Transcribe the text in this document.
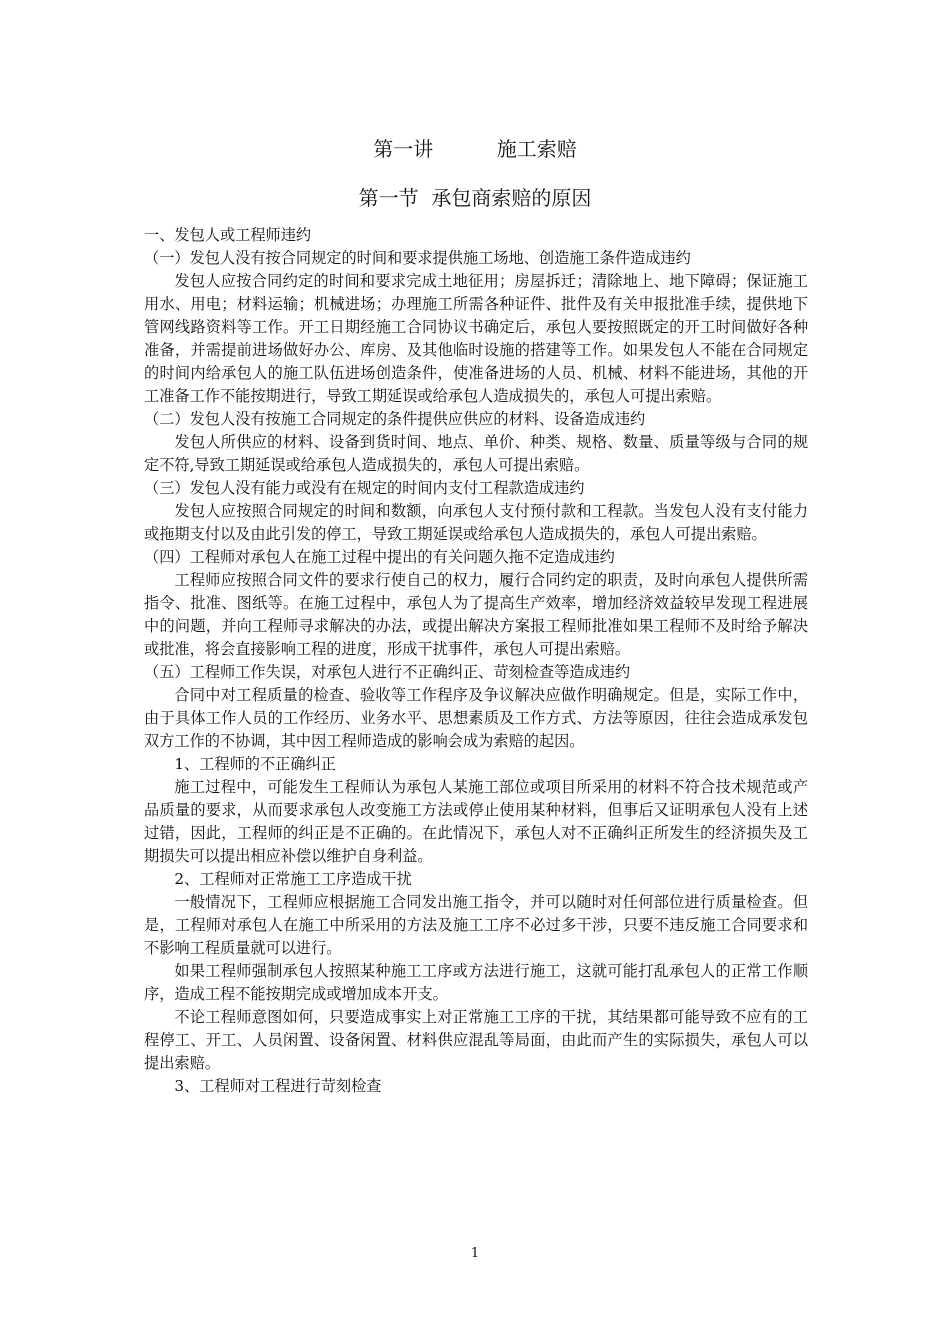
第一讲          施工索赔
第一节  承包商索赔的原因

一、发包人或工程师违约

（一）发包人没有按合同规定的时间和要求提供施工场地、创造施工条件造成违约

发包人应按合同约定的时间和要求完成土地征用；房屋拆迁；清除地上、地下障碍；保证施工用水、用电；材料运输；机械进场；办理施工所需各种证件、批件及有关申报批准手续，提供地下管网线路资料等工作。开工日期经施工合同协议书确定后，承包人要按照既定的开工时间做好各种准备，并需提前进场做好办公、库房、及其他临时设施的搭建等工作。如果发包人不能在合同规定的时间内给承包人的施工队伍进场创造条件，使准备进场的人员、机械、材料不能进场，其他的开工准备工作不能按期进行，导致工期延误或给承包人造成损失的，承包人可提出索赔。

（二）发包人没有按施工合同规定的条件提供应供应的材料、设备造成违约

发包人所供应的材料、设备到货时间、地点、单价、种类、规格、数量、质量等级与合同的规定不符,导致工期延误或给承包人造成损失的，承包人可提出索赔。

（三）发包人没有能力或没有在规定的时间内支付工程款造成违约

发包人应按照合同规定的时间和数额，向承包人支付预付款和工程款。当发包人没有支付能力或拖期支付以及由此引发的停工，导致工期延误或给承包人造成损失的，承包人可提出索赔。

（四）工程师对承包人在施工过程中提出的有关问题久拖不定造成违约

工程师应按照合同文件的要求行使自己的权力，履行合同约定的职责，及时向承包人提供所需指令、批准、图纸等。在施工过程中，承包人为了提高生产效率，增加经济效益较早发现工程进展中的问题，并向工程师寻求解决的办法，或提出解决方案报工程师批准如果工程师不及时给予解决或批准，将会直接影响工程的进度，形成干扰事件，承包人可提出索赔。

（五）工程师工作失误，对承包人进行不正确纠正、苛刻检查等造成违约

合同中对工程质量的检查、验收等工作程序及争议解决应做作明确规定。但是，实际工作中，由于具体工作人员的工作经历、业务水平、思想素质及工作方式、方法等原因，往往会造成承发包双方工作的不协调，其中因工程师造成的影响会成为索赔的起因。

1、工程师的不正确纠正

施工过程中，可能发生工程师认为承包人某施工部位或项目所采用的材料不符合技术规范或产品质量的要求，从而要求承包人改变施工方法或停止使用某种材料，但事后又证明承包人没有上述过错，因此，工程师的纠正是不正确的。在此情况下，承包人对不正确纠正所发生的经济损失及工期损失可以提出相应补偿以维护自身利益。

2、工程师对正常施工工序造成干扰

一般情况下，工程师应根据施工合同发出施工指令，并可以随时对任何部位进行质量检查。但是，工程师对承包人在施工中所采用的方法及施工工序不必过多干涉，只要不违反施工合同要求和不影响工程质量就可以进行。

如果工程师强制承包人按照某种施工工序或方法进行施工，这就可能打乱承包人的正常工作顺序，造成工程不能按期完成或增加成本开支。

不论工程师意图如何，只要造成事实上对正常施工工序的干扰，其结果都可能导致不应有的工程停工、开工、人员闲置、设备闲置、材料供应混乱等局面，由此而产生的实际损失，承包人可以提出索赔。

3、工程师对工程进行苛刻检查

1
